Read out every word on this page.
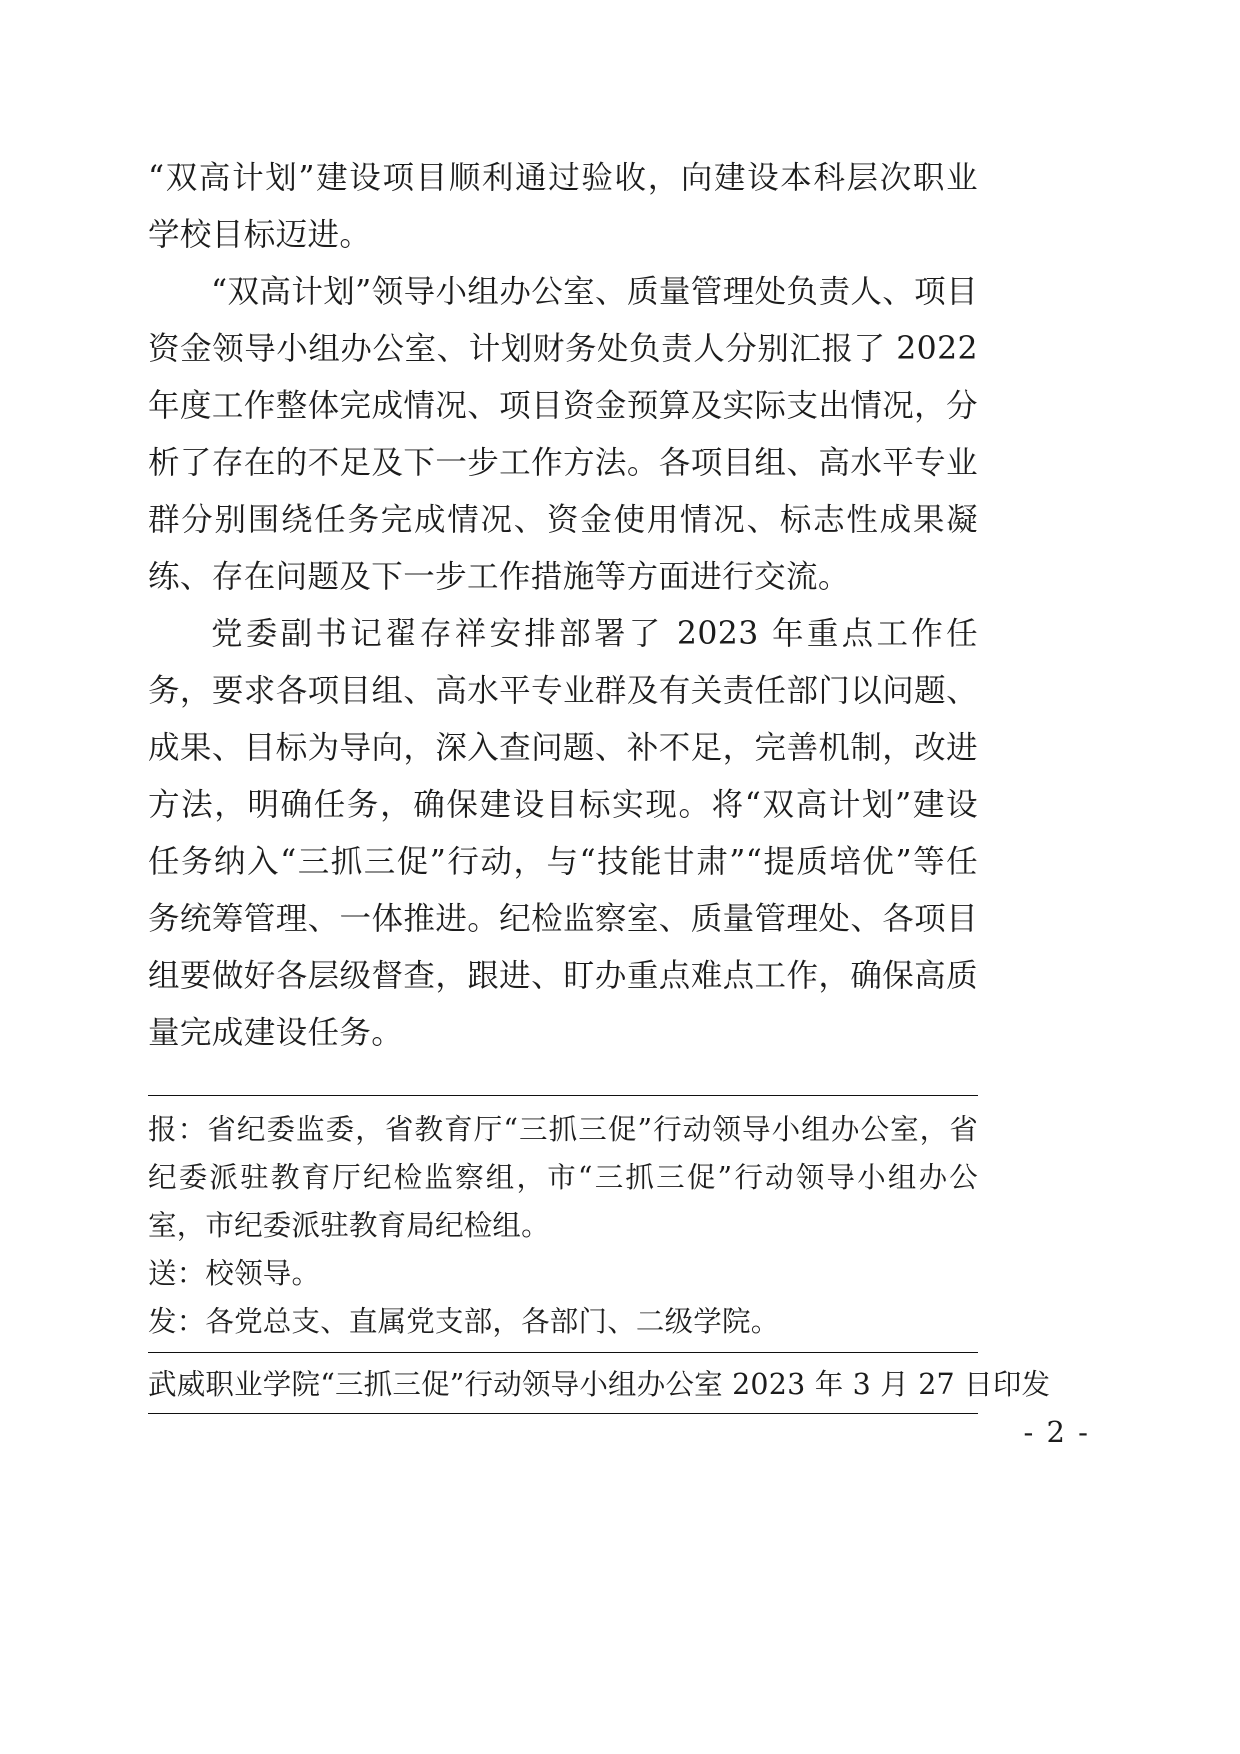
“双高计划”建设项目顺利通过验收，向建设本科层次职业学校目标迈进。

“双高计划”领导小组办公室、质量管理处负责人、项目资金领导小组办公室、计划财务处负责人分别汇报了 2022 年度工作整体完成情况、项目资金预算及实际支出情况，分析了存在的不足及下一步工作方法。各项目组、高水平专业群分别围绕任务完成情况、资金使用情况、标志性成果凝练、存在问题及下一步工作措施等方面进行交流。

党委副书记翟存祥安排部署了 2023 年重点工作任务，要求各项目组、高水平专业群及有关责任部门以问题、成果、目标为导向，深入查问题、补不足，完善机制，改进方法，明确任务，确保建设目标实现。将“双高计划”建设任务纳入“三抓三促”行动，与“技能甘肃”“提质培优”等任务统筹管理、一体推进。纪检监察室、质量管理处、各项目组要做好各层级督查，跟进、盯办重点难点工作，确保高质量完成建设任务。

报：省纪委监委，省教育厅“三抓三促”行动领导小组办公室，省纪委派驻教育厅纪检监察组，市“三抓三促”行动领导小组办公室，市纪委派驻教育局纪检组。
送：校领导。
发：各党总支、直属党支部，各部门、二级学院。
武威职业学院“三抓三促”行动领导小组办公室 2023 年 3 月 27 日印发
- 2 -
